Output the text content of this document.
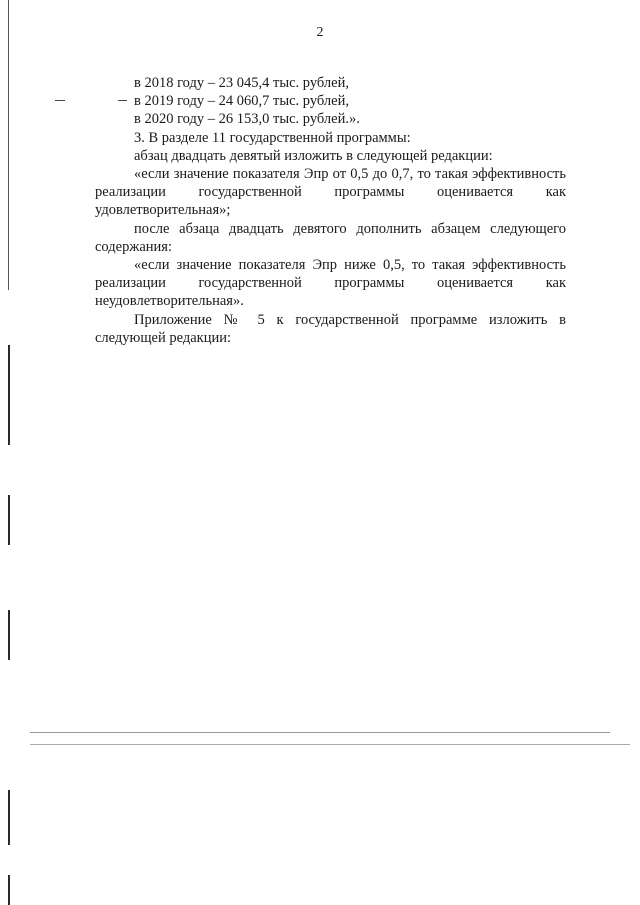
2

в 2018 году – 23 045,4 тыс. рублей,

в 2019 году – 24 060,7 тыс. рублей,

в 2020 году – 26 153,0 тыс. рублей.».

3. В разделе 11 государственной программы:

абзац двадцать девятый изложить в следующей редакции:

«если значение показателя Эпр от 0,5 до 0,7, то такая эффективность реализации государственной программы оценивается как удовлетворительная»;

после абзаца двадцать девятого дополнить абзацем следующего содержания:

«если значение показателя Эпр ниже 0,5, то такая эффективность реализации государственной программы оценивается как неудовлетворительная».

Приложение № 5 к государственной программе изложить в следующей редакции:
